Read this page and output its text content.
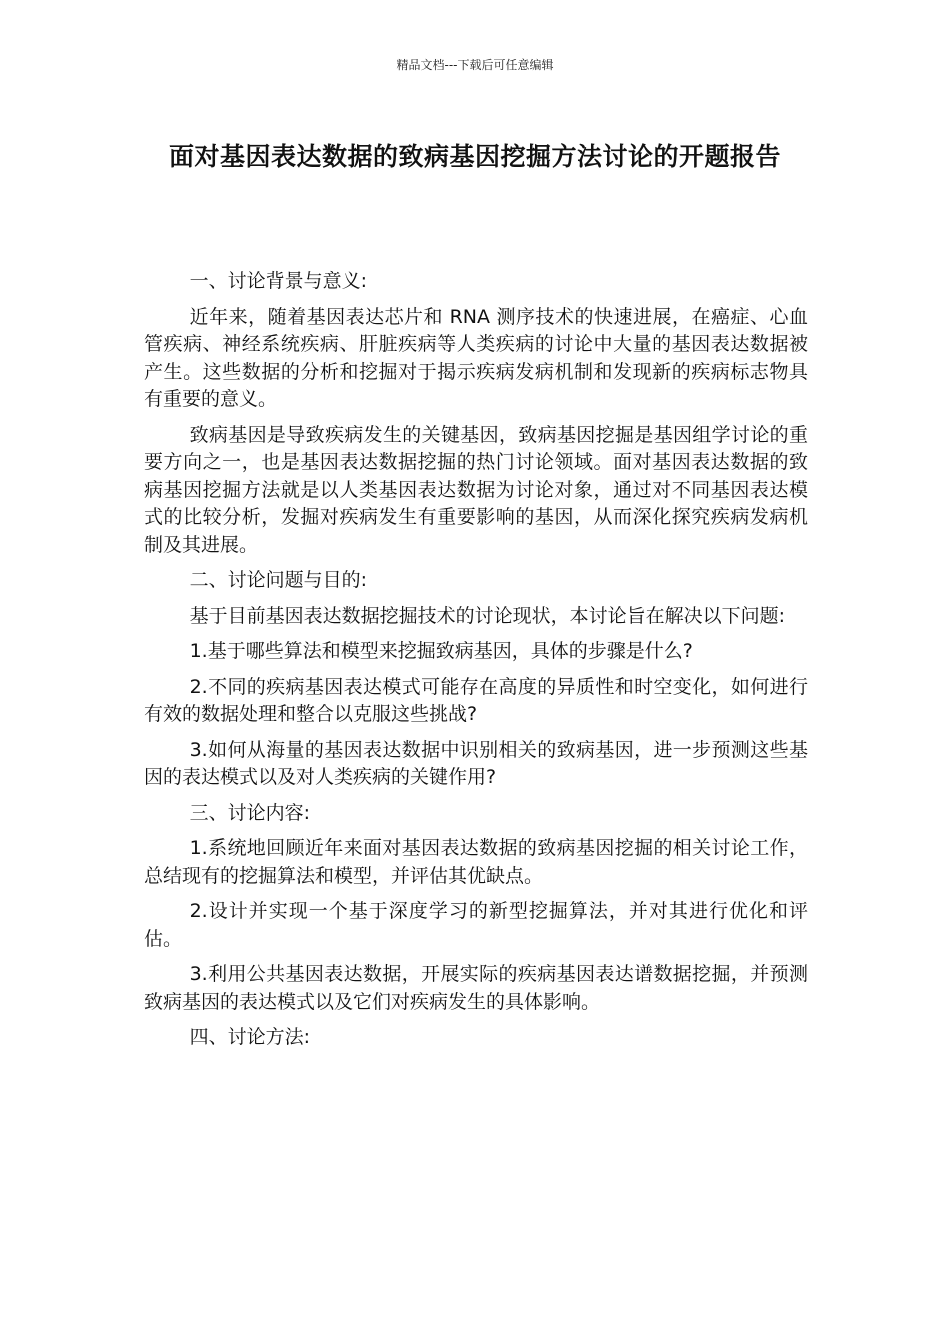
精品文档---下载后可任意编辑
面对基因表达数据的致病基因挖掘方法讨论的开题报告

一、讨论背景与意义:

近年来，随着基因表达芯片和 RNA 测序技术的快速进展，在癌症、心血管疾病、神经系统疾病、肝脏疾病等人类疾病的讨论中大量的基因表达数据被产生。这些数据的分析和挖掘对于揭示疾病发病机制和发现新的疾病标志物具有重要的意义。

致病基因是导致疾病发生的关键基因，致病基因挖掘是基因组学讨论的重要方向之一，也是基因表达数据挖掘的热门讨论领域。面对基因表达数据的致病基因挖掘方法就是以人类基因表达数据为讨论对象，通过对不同基因表达模式的比较分析，发掘对疾病发生有重要影响的基因，从而深化探究疾病发病机制及其进展。

二、讨论问题与目的:

基于目前基因表达数据挖掘技术的讨论现状，本讨论旨在解决以下问题:

1.基于哪些算法和模型来挖掘致病基因，具体的步骤是什么?

2.不同的疾病基因表达模式可能存在高度的异质性和时空变化，如何进行有效的数据处理和整合以克服这些挑战?

3.如何从海量的基因表达数据中识别相关的致病基因，进一步预测这些基因的表达模式以及对人类疾病的关键作用?

三、讨论内容:

1.系统地回顾近年来面对基因表达数据的致病基因挖掘的相关讨论工作，总结现有的挖掘算法和模型，并评估其优缺点。

2.设计并实现一个基于深度学习的新型挖掘算法，并对其进行优化和评估。

3.利用公共基因表达数据，开展实际的疾病基因表达谱数据挖掘，并预测致病基因的表达模式以及它们对疾病发生的具体影响。

四、讨论方法:
